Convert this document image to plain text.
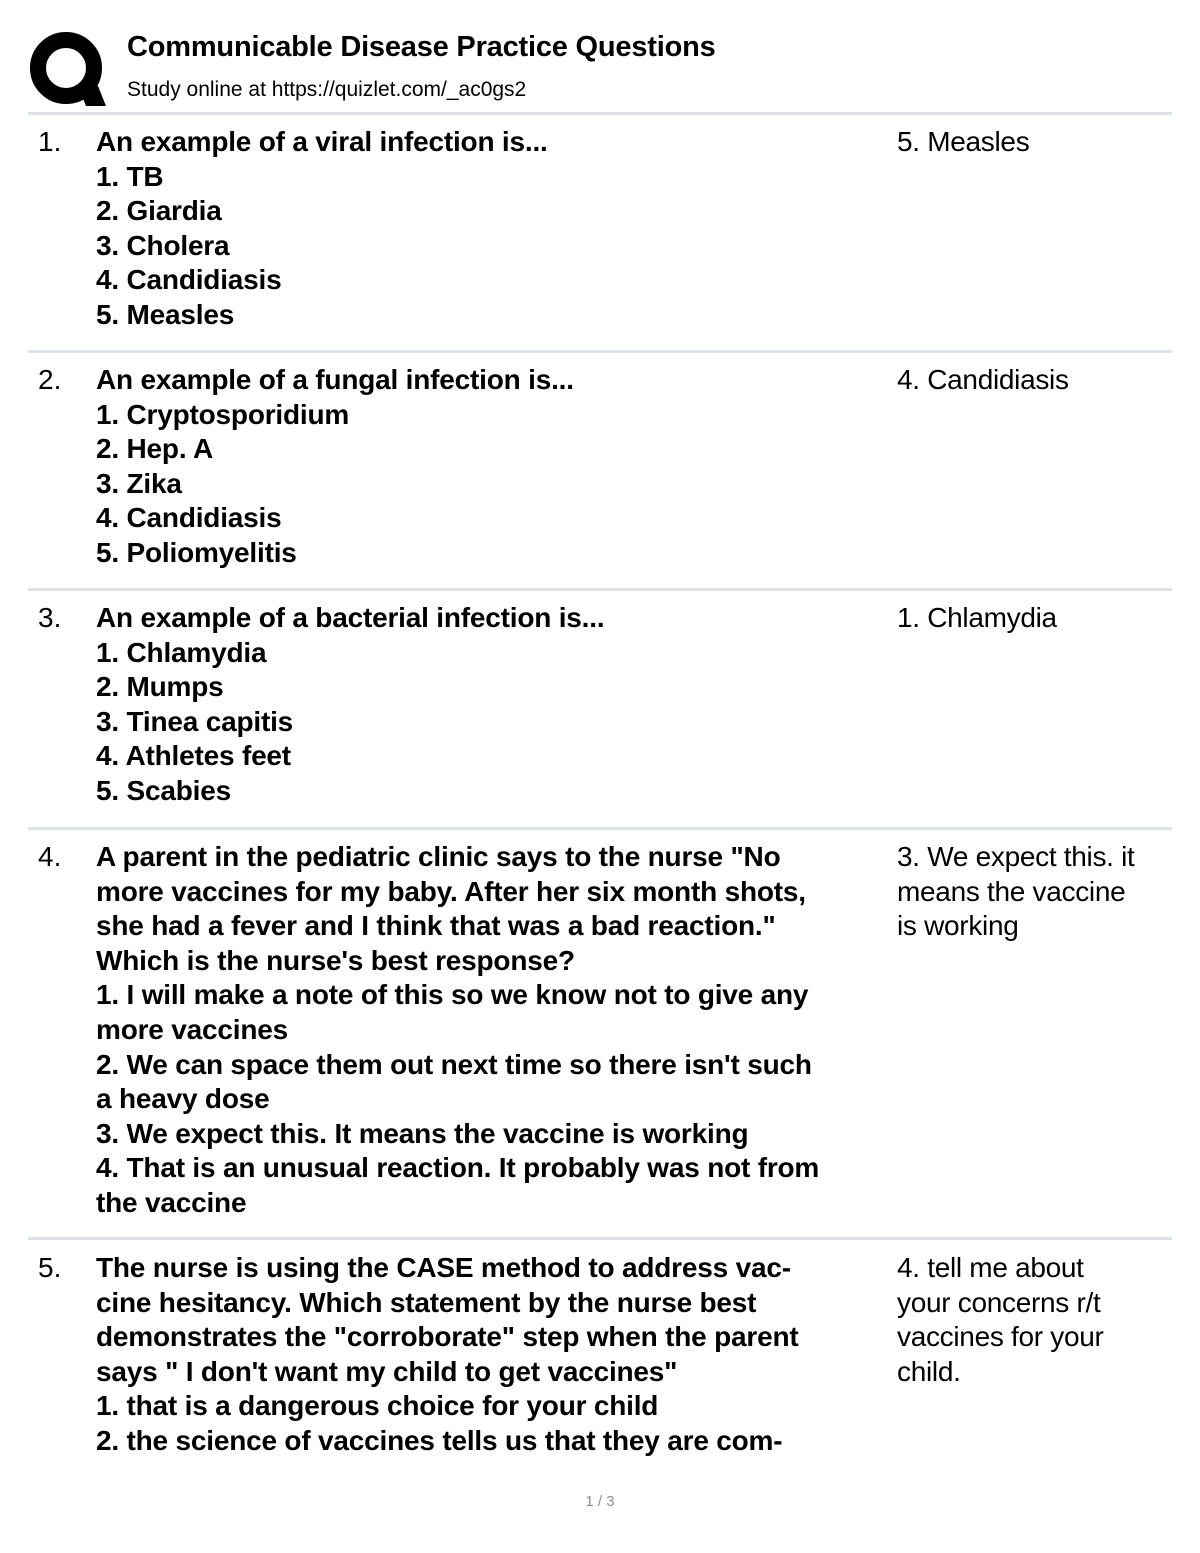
Communicable Disease Practice Questions
Study online at https://quizlet.com/_ac0gs2
1. An example of a viral infection is...
1. TB
2. Giardia
3. Cholera
4. Candidiasis
5. Measles
5. Measles
2. An example of a fungal infection is...
1. Cryptosporidium
2. Hep. A
3. Zika
4. Candidiasis
5. Poliomyelitis
4. Candidiasis
3. An example of a bacterial infection is...
1. Chlamydia
2. Mumps
3. Tinea capitis
4. Athletes feet
5. Scabies
1. Chlamydia
4. A parent in the pediatric clinic says to the nurse "No
more vaccines for my baby. After her six month shots,
she had a fever and I think that was a bad reaction."
Which is the nurse's best response?
1. I will make a note of this so we know not to give any
more vaccines
2. We can space them out next time so there isn't such
a heavy dose
3. We expect this. It means the vaccine is working
4. That is an unusual reaction. It probably was not from
the vaccine
3. We expect this. it
means the vaccine
is working
5. The nurse is using the CASE method to address vac-
cine hesitancy. Which statement by the nurse best
demonstrates the "corroborate" step when the parent
says " I don't want my child to get vaccines"
1. that is a dangerous choice for your child
2. the science of vaccines tells us that they are com-
4. tell me about
your concerns r/t
vaccines for your
child.
1 / 3
